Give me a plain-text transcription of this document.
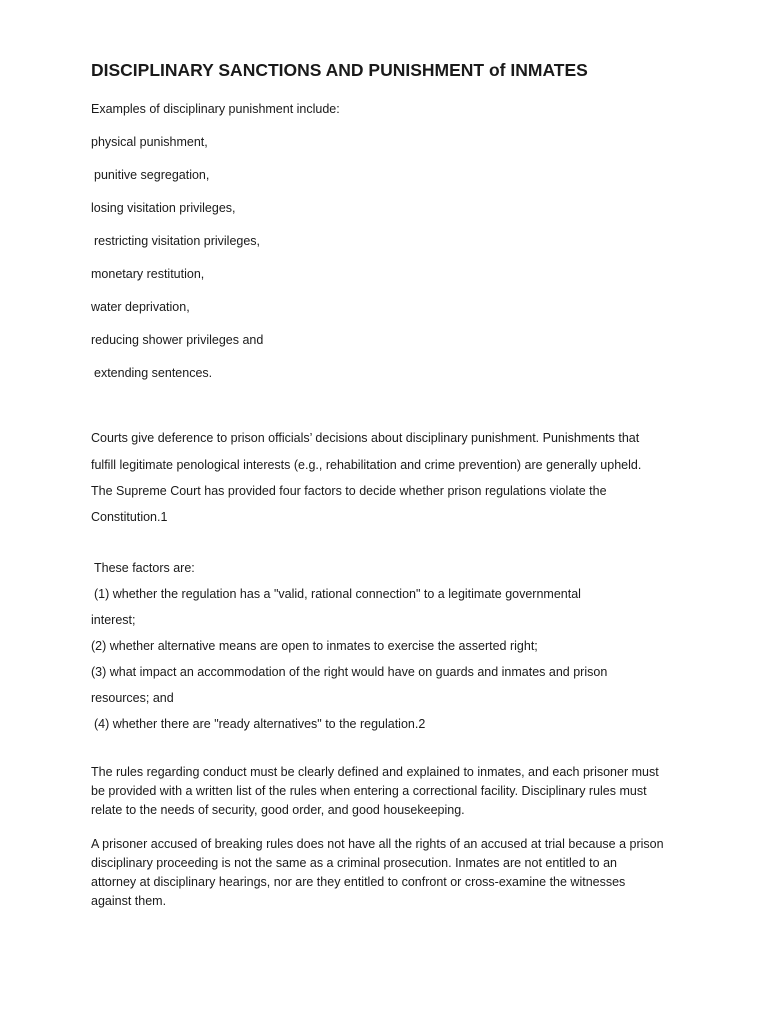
DISCIPLINARY SANCTIONS AND PUNISHMENT of INMATES

Examples of disciplinary punishment include:

physical punishment,

punitive segregation,

losing visitation privileges,

restricting visitation privileges,

monetary restitution,

water deprivation,

reducing shower privileges and

extending sentences.

Courts give deference to prison officials’ decisions about disciplinary punishment. Punishments that

fulfill legitimate penological interests (e.g., rehabilitation and crime prevention) are generally upheld.

The Supreme Court has provided four factors to decide whether prison regulations violate the

Constitution.1

These factors are:

(1) whether the regulation has a "valid, rational connection" to a legitimate governmental

interest;

(2) whether alternative means are open to inmates to exercise the asserted right;

(3) what impact an accommodation of the right would have on guards and inmates and prison

resources; and

(4) whether there are "ready alternatives" to the regulation.2

The rules regarding conduct must be clearly defined and explained to inmates, and each prisoner must

be provided with a written list of the rules when entering a correctional facility. Disciplinary rules must

relate to the needs of security, good order, and good housekeeping.

A prisoner accused of breaking rules does not have all the rights of an accused at trial because a prison

disciplinary proceeding is not the same as a criminal prosecution. Inmates are not entitled to an

attorney at disciplinary hearings, nor are they entitled to confront or cross-examine the witnesses

against them.
